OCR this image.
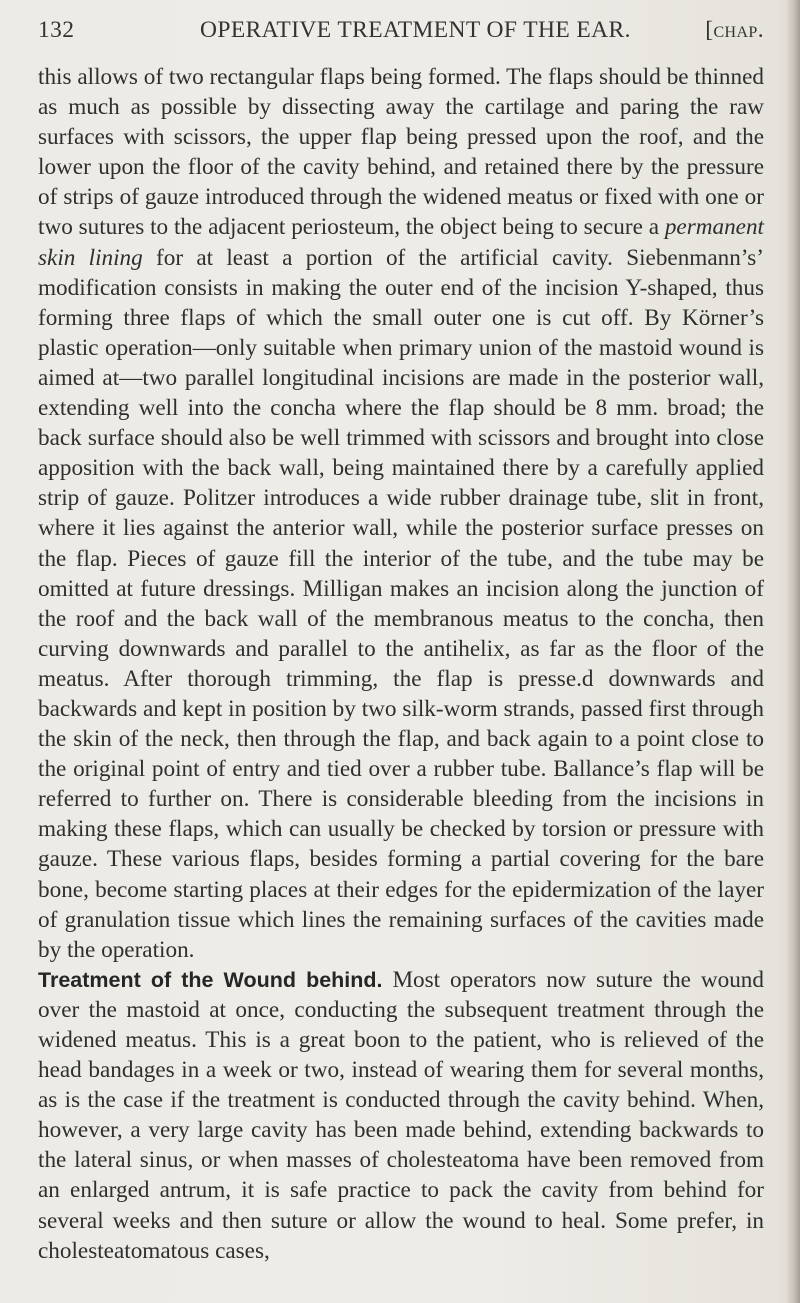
132	OPERATIVE TREATMENT OF THE EAR.	[chap.

this allows of two rectangular flaps being formed. The flaps should be thinned as much as possible by dissecting away the cartilage and paring the raw surfaces with scissors, the upper flap being pressed upon the roof, and the lower upon the floor of the cavity behind, and retained there by the pressure of strips of gauze introduced through the widened meatus or fixed with one or two sutures to the adjacent periosteum, the object being to secure a permanent skin lining for at least a portion of the artificial cavity. Siebenmann’s’ modification consists in making the outer end of the incision Y-shaped, thus forming three flaps of which the small outer one is cut off. By Körner’s plastic operation—only suitable when primary union of the mastoid wound is aimed at—two parallel longitudinal incisions are made in the posterior wall, extending well into the concha where the flap should be 8 mm. broad; the back surface should also be well trimmed with scissors and brought into close apposition with the back wall, being maintained there by a carefully applied strip of gauze. Politzer introduces a wide rubber drainage tube, slit in front, where it lies against the anterior wall, while the posterior surface presses on the flap. Pieces of gauze fill the interior of the tube, and the tube may be omitted at future dressings. Milligan makes an incision along the junction of the roof and the back wall of the membranous meatus to the concha, then curving downwards and parallel to the antihelix, as far as the floor of the meatus. After thorough trimming, the flap is presse.d downwards and backwards and kept in position by two silk-worm strands, passed first through the skin of the neck, then through the flap, and back again to a point close to the original point of entry and tied over a rubber tube. Ballance’s flap will be referred to further on. There is considerable bleeding from the incisions in making these flaps, which can usually be checked by torsion or pressure with gauze. These various flaps, besides forming a partial covering for the bare bone, become starting places at their edges for the epidermization of the layer of granulation tissue which lines the remaining surfaces of the cavities made by the operation.

Treatment of the Wound behind. Most operators now suture the wound over the mastoid at once, conducting the subsequent treatment through the widened meatus. This is a great boon to the patient, who is relieved of the head bandages in a week or two, instead of wearing them for several months, as is the case if the treatment is conducted through the cavity behind. When, however, a very large cavity has been made behind, extending backwards to the lateral sinus, or when masses of cholesteatoma have been removed from an enlarged antrum, it is safe practice to pack the cavity from behind for several weeks and then suture or allow the wound to heal. Some prefer, in cholesteatomatous cases,
